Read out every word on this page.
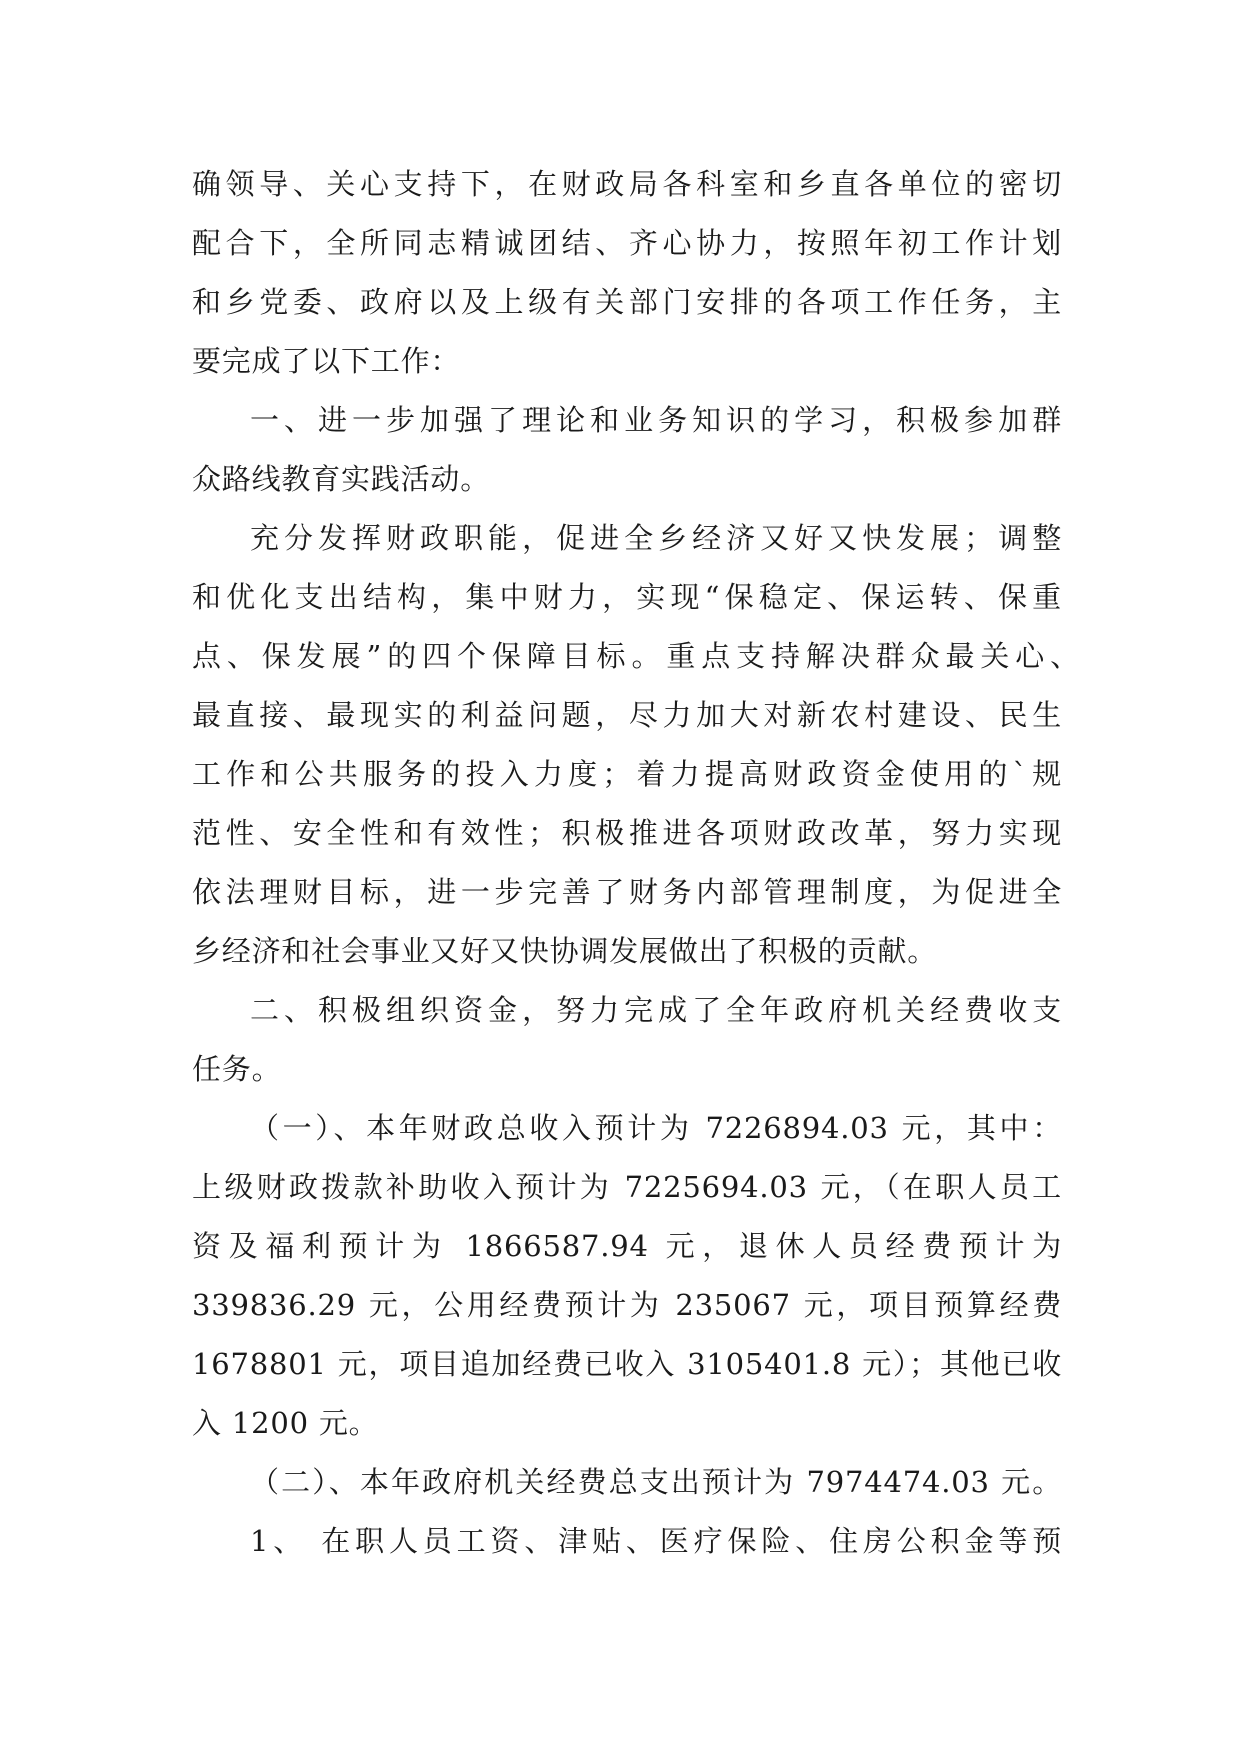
确领导、关心支持下，在财政局各科室和乡直各单位的密切
配合下，全所同志精诚团结、齐心协力，按照年初工作计划
和乡党委、政府以及上级有关部门安排的各项工作任务，主
要完成了以下工作：
一、进一步加强了理论和业务知识的学习，积极参加群
众路线教育实践活动。
充分发挥财政职能，促进全乡经济又好又快发展；调整
和优化支出结构，集中财力，实现“保稳定、保运转、保重
点、保发展”的四个保障目标。重点支持解决群众最关心、
最直接、最现实的利益问题，尽力加大对新农村建设、民生
工作和公共服务的投入力度；着力提高财政资金使用的`规
范性、安全性和有效性；积极推进各项财政改革，努力实现
依法理财目标，进一步完善了财务内部管理制度，为促进全
乡经济和社会事业又好又快协调发展做出了积极的贡献。
二、积极组织资金，努力完成了全年政府机关经费收支
任务。
（一）、本年财政总收入预计为 7226894.03 元，其中：
上级财政拨款补助收入预计为 7225694.03 元，（在职人员工
资及福利预计为 1866587.94 元，退休人员经费预计为
339836.29 元，公用经费预计为 235067 元，项目预算经费
1678801 元，项目追加经费已收入 3105401.8 元）；其他已收
入 1200 元。
（二）、本年政府机关经费总支出预计为 7974474.03 元。
1、 在职人员工资、津贴、医疗保险、住房公积金等预
